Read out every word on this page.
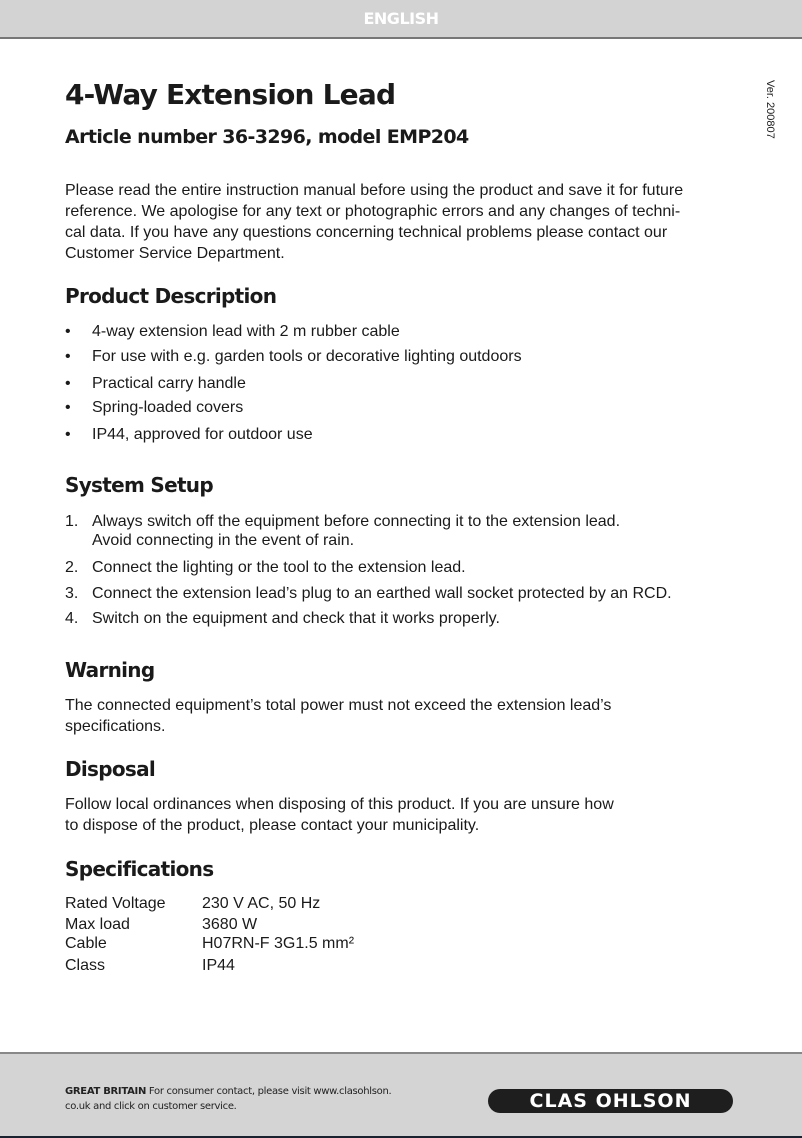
ENGLISH
Ver. 200807
4-Way Extension Lead
Article number 36-3296, model EMP204
Please read the entire instruction manual before using the product and save it for future
reference. We apologise for any text or photographic errors and any changes of techni-
cal data. If you have any questions concerning technical problems please contact our
Customer Service Department.
Product Description
• 4-way extension lead with 2 m rubber cable
• For use with e.g. garden tools or decorative lighting outdoors
• Practical carry handle
• Spring-loaded covers
• IP44, approved for outdoor use
System Setup
1. Always switch off the equipment before connecting it to the extension lead.
Avoid connecting in the event of rain.
2. Connect the lighting or the tool to the extension lead.
3. Connect the extension lead’s plug to an earthed wall socket protected by an RCD.
4. Switch on the equipment and check that it works properly.
Warning
The connected equipment’s total power must not exceed the extension lead’s
specifications.
Disposal
Follow local ordinances when disposing of this product. If you are unsure how
to dispose of the product, please contact your municipality.
Specifications
Rated Voltage 230 V AC, 50 Hz
Max load	3680 W
Cable	H07RN-F 3G1.5 mm²
Class	IP44
GREAT BRITAIN For consumer contact, please visit www.clasohlson.
co.uk and click on customer service.	CLAS OHLSON
